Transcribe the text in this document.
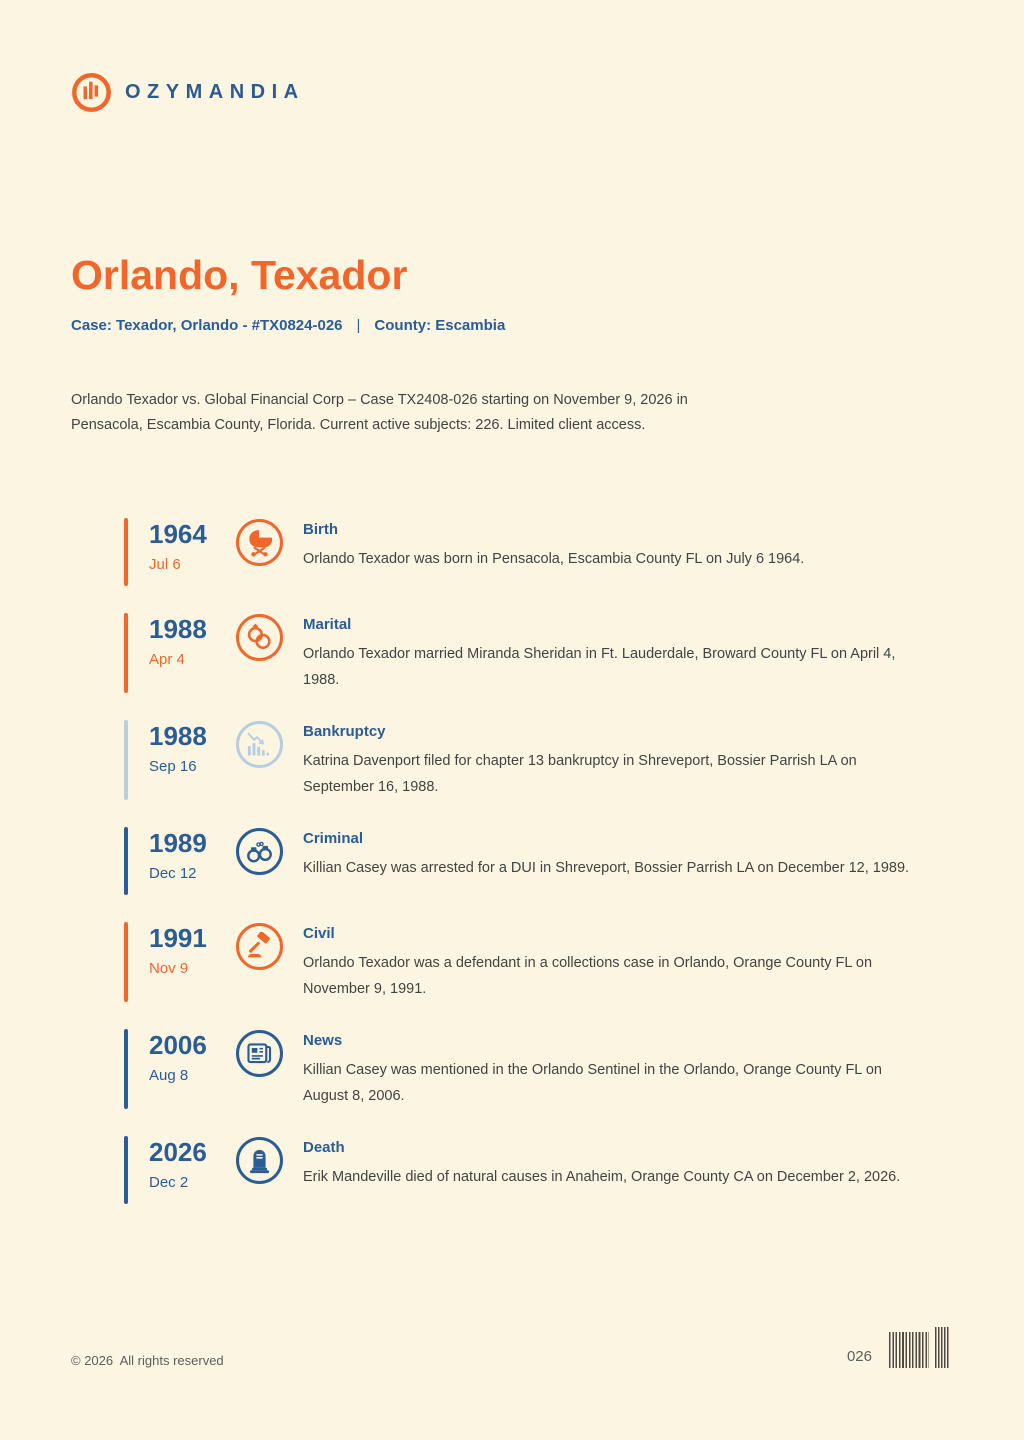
OZYMANDIA
Orlando, Texador
Case: Texador, Orlando - #TX0824-026 | County: Escambia

Orlando Texador vs. Global Financial Corp – Case TX2408-026 starting on November 9, 2026 in Pensacola, Escambia County, Florida. Current active subjects: 226. Limited client access.

1964
Jul 6
Birth
Orlando Texador was born in Pensacola, Escambia County FL on July 6 1964.
1988
Apr 4
Marital
Orlando Texador married Miranda Sheridan in Ft. Lauderdale, Broward County FL on April 4, 1988.
1988
Sep 16
Bankruptcy
Katrina Davenport filed for chapter 13 bankruptcy in Shreveport, Bossier Parrish LA on September 16, 1988.
1989
Dec 12
Criminal
Killian Casey was arrested for a DUI in Shreveport, Bossier Parrish LA on December 12, 1989.
1991
Nov 9
Civil
Orlando Texador was a defendant in a collections case in Orlando, Orange County FL on November 9, 1991.
2006
Aug 8
News
Killian Casey was mentioned in the Orlando Sentinel in the Orlando, Orange County FL on August 8, 2006.
2026
Dec 2
Death
Erik Mandeville died of natural causes in Anaheim, Orange County CA on December 2, 2026.
© 2026  All rights reserved	026
